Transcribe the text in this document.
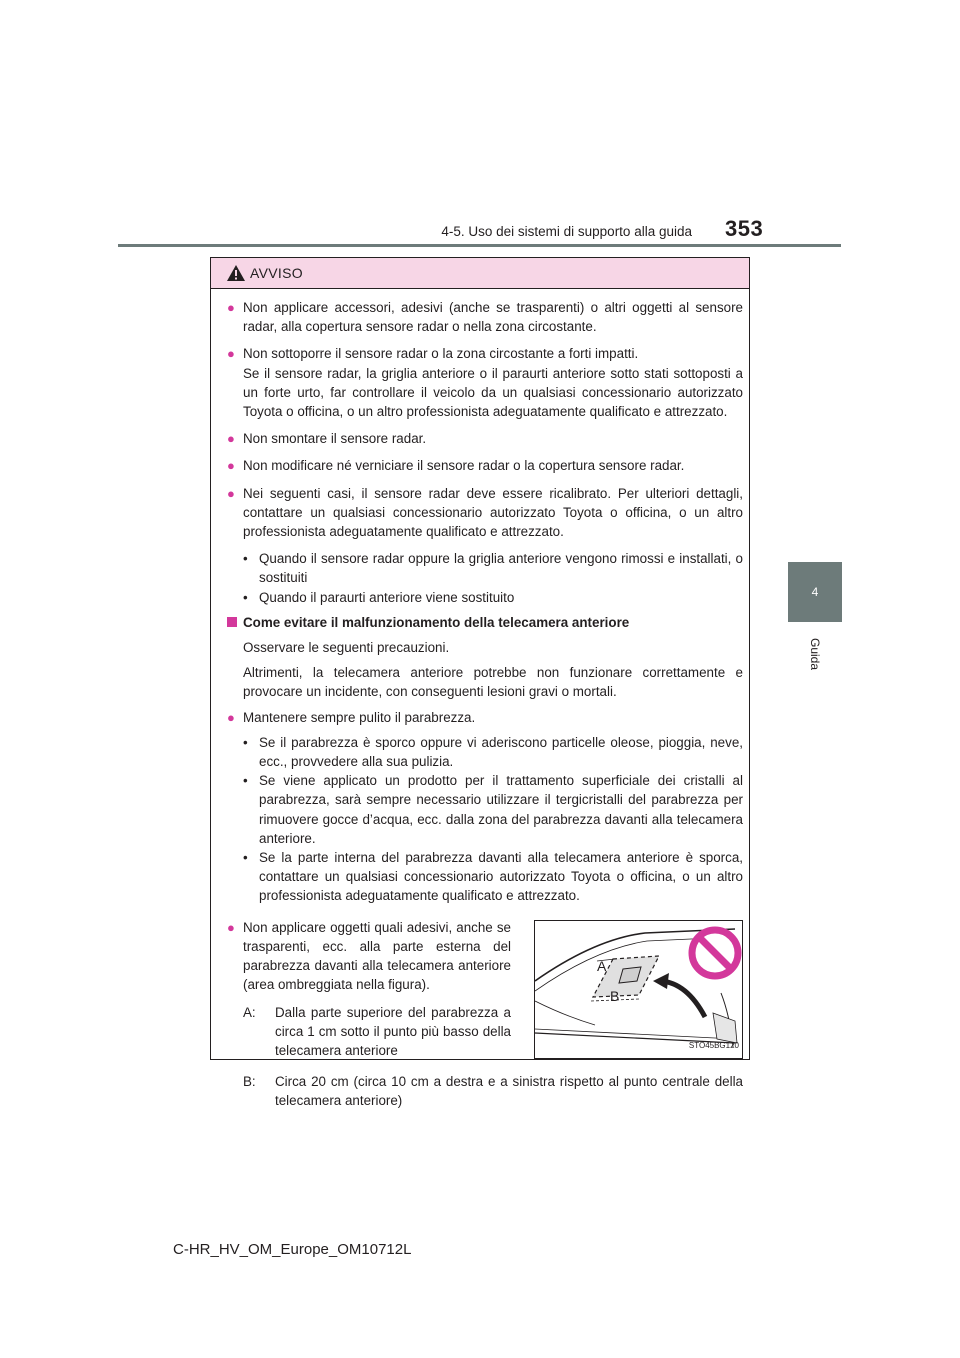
4-5. Uso dei sistemi di supporto alla guida 353
4
Guida
AVVISO
● Non applicare accessori, adesivi (anche se trasparenti) o altri oggetti al sensore radar, alla copertura sensore radar o nella zona circostante.
● Non sottoporre il sensore radar o la zona circostante a forti impatti.
Se il sensore radar, la griglia anteriore o il paraurti anteriore sotto stati sottoposti a un forte urto, far controllare il veicolo da un qualsiasi concessionario autorizzato Toyota o officina, o un altro professionista adeguatamente qualificato e attrezzato.
● Non smontare il sensore radar.
● Non modificare né verniciare il sensore radar o la copertura sensore radar.
● Nei seguenti casi, il sensore radar deve essere ricalibrato. Per ulteriori dettagli, contattare un qualsiasi concessionario autorizzato Toyota o officina, o un altro professionista adeguatamente qualificato e attrezzato.
• Quando il sensore radar oppure la griglia anteriore vengono rimossi e installati, o sostituiti
• Quando il paraurti anteriore viene sostituito
Come evitare il malfunzionamento della telecamera anteriore
Osservare le seguenti precauzioni.
Altrimenti, la telecamera anteriore potrebbe non funzionare correttamente e provocare un incidente, con conseguenti lesioni gravi o mortali.
● Mantenere sempre pulito il parabrezza.
• Se il parabrezza è sporco oppure vi aderiscono particelle oleose, pioggia, neve, ecc., provvedere alla sua pulizia.
• Se viene applicato un prodotto per il trattamento superficiale dei cristalli al parabrezza, sarà sempre necessario utilizzare il tergicristalli del parabrezza per rimuovere gocce d’acqua, ecc. dalla zona del parabrezza davanti alla telecamera anteriore.
• Se la parte interna del parabrezza davanti alla telecamera anteriore è sporca, contattare un qualsiasi concessionario autorizzato Toyota o officina, o un altro professionista adeguatamente qualificato e attrezzato.
● Non applicare oggetti quali adesivi, anche se trasparenti, ecc. alla parte esterna del parabrezza davanti alla telecamera anteriore (area ombreggiata nella figura).
A: Dalla parte superiore del parabrezza a circa 1 cm sotto il punto più basso della telecamera anteriore
A
B
STO45BG120
B: Circa 20 cm (circa 10 cm a destra e a sinistra rispetto al punto centrale della telecamera anteriore)
C-HR_HV_OM_Europe_OM10712L
